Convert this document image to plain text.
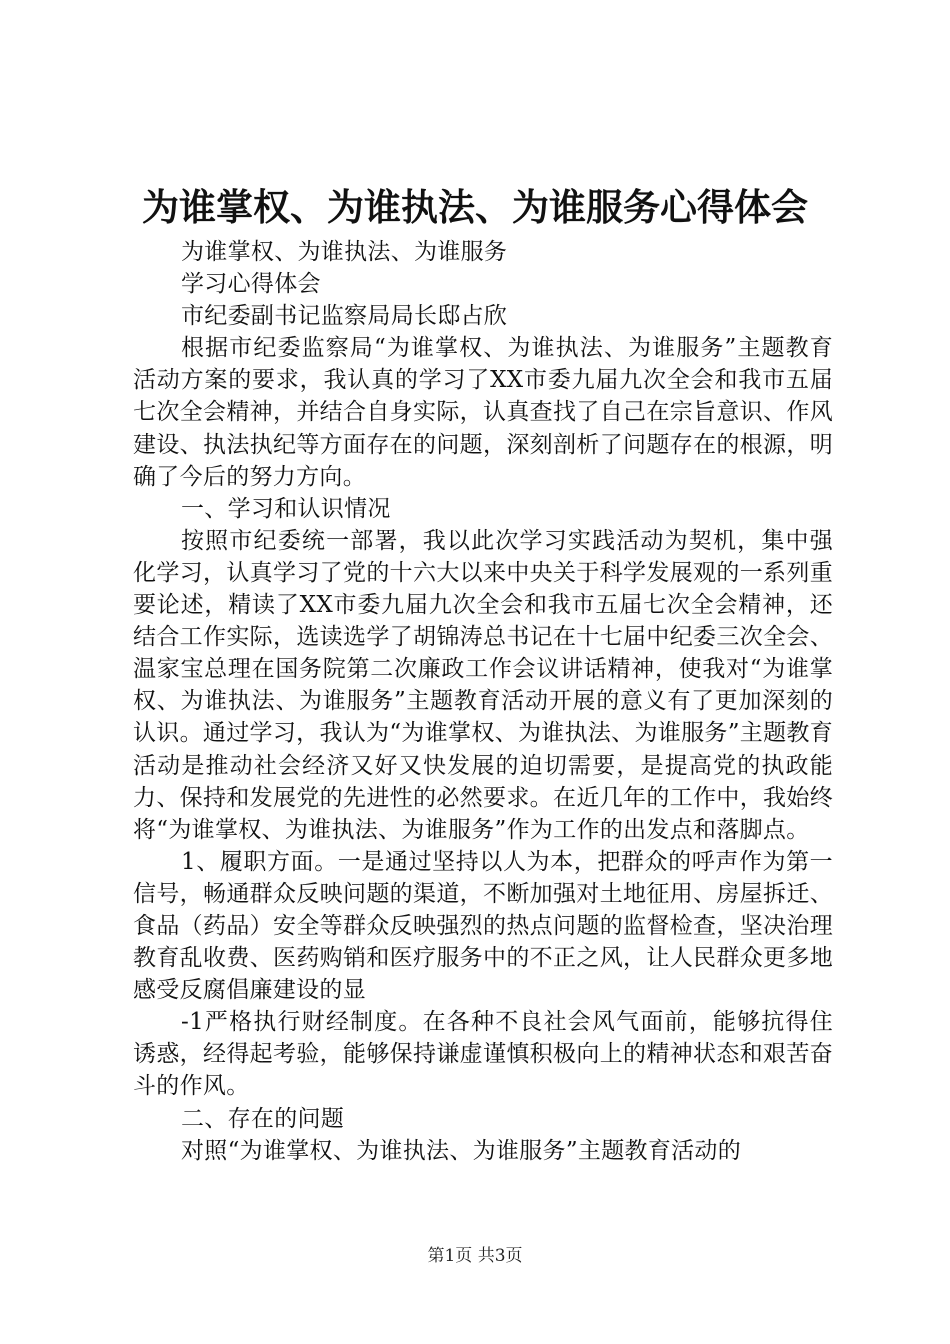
为谁掌权、为谁执法、为谁服务心得体会

为谁掌权、为谁执法、为谁服务

学习心得体会

市纪委副书记监察局局长邸占欣

根据市纪委监察局“为谁掌权、为谁执法、为谁服务”主题教育活动方案的要求，我认真的学习了XX市委九届九次全会和我市五届七次全会精神，并结合自身实际，认真查找了自己在宗旨意识、作风建设、执法执纪等方面存在的问题，深刻剖析了问题存在的根源，明确了今后的努力方向。

一、学习和认识情况

按照市纪委统一部署，我以此次学习实践活动为契机，集中强化学习，认真学习了党的十六大以来中央关于科学发展观的一系列重要论述，精读了XX市委九届九次全会和我市五届七次全会精神，还结合工作实际，选读选学了胡锦涛总书记在十七届中纪委三次全会、温家宝总理在国务院第二次廉政工作会议讲话精神，使我对“为谁掌权、为谁执法、为谁服务”主题教育活动开展的意义有了更加深刻的认识。通过学习，我认为“为谁掌权、为谁执法、为谁服务”主题教育活动是推动社会经济又好又快发展的迫切需要，是提高党的执政能力、保持和发展党的先进性的必然要求。在近几年的工作中，我始终将“为谁掌权、为谁执法、为谁服务”作为工作的出发点和落脚点。

1、履职方面。一是通过坚持以人为本，把群众的呼声作为第一信号，畅通群众反映问题的渠道，不断加强对土地征用、房屋拆迁、食品（药品）安全等群众反映强烈的热点问题的监督检查，坚决治理教育乱收费、医药购销和医疗服务中的不正之风，让人民群众更多地感受反腐倡廉建设的显

-1严格执行财经制度。在各种不良社会风气面前，能够抗得住诱惑，经得起考验，能够保持谦虚谨慎积极向上的精神状态和艰苦奋斗的作风。

二、存在的问题

对照“为谁掌权、为谁执法、为谁服务”主题教育活动的

第1页 共3页
